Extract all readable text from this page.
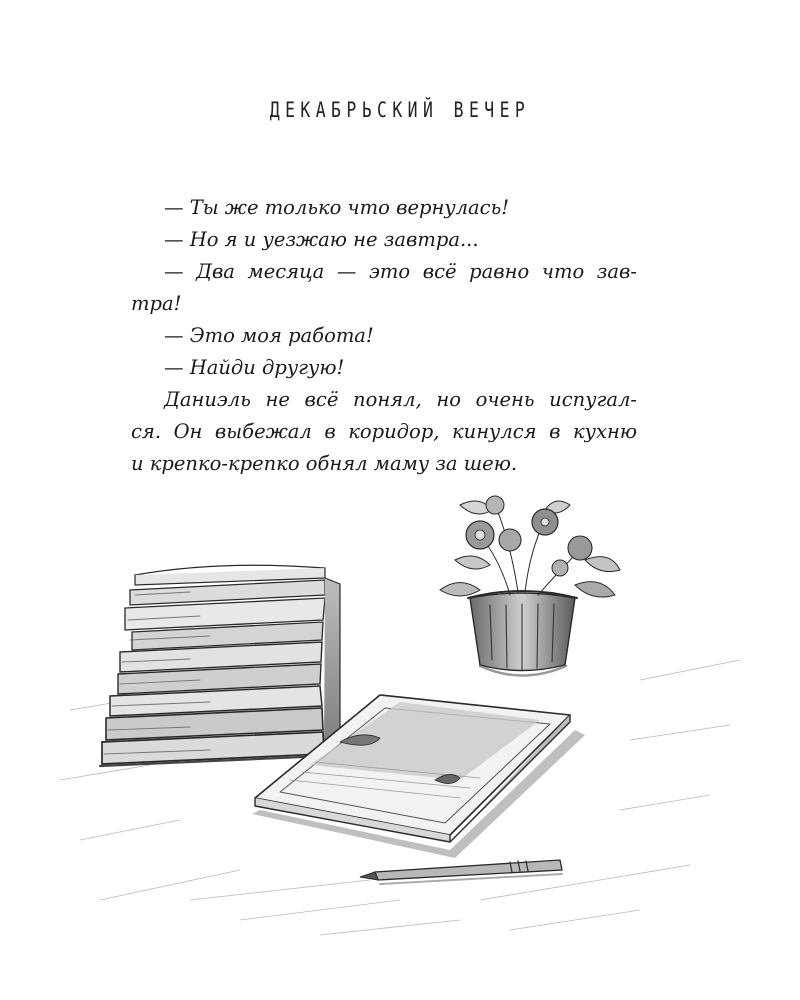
ДЕКАБРЬСКИЙ ВЕЧЕР
— Ты же только что вернулась!
— Но я и уезжаю не завтра...
— Два месяца — это всё равно что зав-
тра!
— Это моя работа!
— Найди другую!
Даниэль не всё понял, но очень испугал-
ся. Он выбежал в коридор, кинулся в кухню
и крепко-крепко обнял маму за шею.
